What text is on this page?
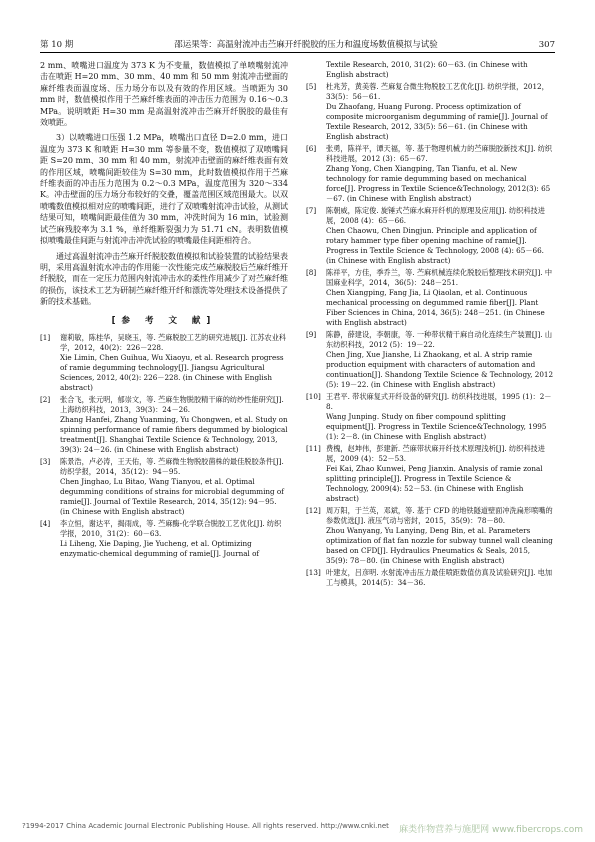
第 10 期	邵运果等：高温射流冲击苎麻开纤脱胶的压力和温度场数值模拟与试验	307

2 mm、喷嘴进口温度为 373 K 为不变量，数值模拟了单喷嘴射流冲击在喷距 H=20 mm、30 mm、40 mm 和 50 mm 射流冲击壁面的麻纤维表面温度场、压力场分布以及有效的作用区域。当喷距为 30 mm 时，数值模拟作用于苎麻纤维表面的冲击压力范围为 0.16～0.3 MPa。说明喷距 H=30 mm 是高温射流冲击苎麻开纤脱胶的最佳有效喷距。

3）以喷嘴进口压强 1.2 MPa，喷嘴出口直径 D=2.0 mm，进口温度为 373 K 和喷距 H=30 mm 等参量不变，数值模拟了双喷嘴间距 S=20 mm、30 mm 和 40 mm，射流冲击壁面的麻纤维表面有效的作用区域，喷嘴间距较佳为 S=30 mm，此时数值模拟作用于苎麻纤维表面的冲击压力范围为 0.2～0.3 MPa，温度范围为 320～334 K。冲击壁面的压力场分布较好的交叠，覆盖范围区域范围最大。以双喷嘴数值模拟相对应的喷嘴间距，进行了双喷嘴射流冲击试验，从测试结果可知，喷嘴间距最佳值为 30 mm，冲洗时间为 16 min，试验测试苎麻残胶率为 3.1 %，单纤维断裂强力为 51.71 cN。表明数值模拟喷嘴最佳间距与射流冲击冲洗试验的喷嘴最佳间距相符合。

通过高温射流冲击苎麻开纤脱胶数值模拟和试验装置的试验结果表明，采用高温射流水冲击的作用能一次性能完成苎麻脱胶后苎麻纤维开纤脱胶，而在一定压力范围内射流冲击水的柔性作用减少了对苎麻纤维的损伤，该技术工艺为研制苎麻纤维开纤和漂洗等处理技术设备提供了新的技术基础。

[参 考 文 献]
[1]	谢莉敏，陈桂华，吴晓玉，等. 苎麻脱胶工艺的研究进展[J]. 江苏农业科学，2012，40(2)：226－228.
Xie Limin, Chen Guihua, Wu Xiaoyu, et al. Research progress of ramie degumming technology[J]. Jiangsu Agricultural Sciences, 2012, 40(2): 226－228. (in Chinese with English abstract)
[2]	张合飞，张元明，郁崇文，等. 苎麻生物脱胶精干麻的纺纱性能研究[J]. 上海纺织科技，2013，39(3)：24－26.
Zhang Hanfei, Zhang Yuanming, Yu Chongwen, et al. Study on spinning performance of ramie fibers degummed by biological treatment[J]. Shanghai Textile Science & Technology, 2013, 39(3): 24－26. (in Chinese with English abstract)
[3]	陈景浩，卢必涛，王天佑，等. 苎麻微生物脱胶菌株的最佳脱胶条件[J]. 纺织学报，2014，35(12)：94－95.
Chen Jinghao, Lu Bitao, Wang Tianyou, et al. Optimal degumming conditions of strains for microbial degumming of ramie[J]. Journal of Textile Research, 2014, 35(12): 94－95. (in Chinese with English abstract)
[4]	李立恒，谢达平，揭雨成，等. 苎麻酶-化学联合脱胶工艺优化[J]. 纺织学报，2010，31(2)：60－63.
Li Liheng, Xie Daping, Jie Yucheng, et al. Optimizing enzymatic-chemical degumming of ramie[J]. Journal of
Textile Research, 2010, 31(2): 60－63. (in Chinese with English abstract)
[5]	杜兆芳，黄美蓉. 苎麻复合微生物脱胶工艺优化[J]. 纺织学报，2012，33(5)：56－61.
Du Zhaofang, Huang Furong. Process optimization of composite microorganism degumming of ramie[J]. Journal of Textile Research, 2012, 33(5): 56－61. (in Chinese with English abstract)
[6]	张勇，陈祥平，谭天福，等. 基于物理机械力的苎麻脱胶新技术[J]. 纺织科技进展，2012 (3)：65－67.
Zhang Yong, Chen Xiangping, Tan Tianfu, et al. New technology for ramie degumming based on mechanical force[J]. Progress in Textile Science&Technology, 2012(3): 65－67. (in Chinese with English abstract)
[7]	陈朝威，陈定俊. 旋锤式苎麻水麻开纤机的原理及应用[J]. 纺织科技进展，2008 (4)：65－66.
Chen Chaowu, Chen Dingjun. Principle and application of rotary hammer type fiber opening machine of ramie[J]. Progress in Textile Science & Technology, 2008 (4): 65－66. (in Chinese with English abstract)
[8]	陈祥平，方佳，季乔兰，等. 苎麻机械连续化脱胶后整理技术研究[J]. 中国麻业科学，2014，36(5)：248－251.
Chen Xiangping, Fang Jia, Li Qiaolan, et al. Continuous mechanical processing on degummed ramie fiber[J]. Plant Fiber Sciences in China, 2014, 36(5): 248－251. (in Chinese with English abstract)
[9]	陈静，薛建设，李朝康，等. 一种带状精干麻自动化连续生产装置[J]. 山东纺织科技，2012 (5)：19－22.
Chen Jing, Xue Jianshe, Li Zhaokang, et al. A strip ramie production equipment with characters of automation and continuation[J]. Shandong Textile Science & Technology, 2012 (5): 19－22. (in Chinese with English abstract)
[10] 王君平. 带状麻复式开纤设备的研究[J]. 纺织科技进展，1995 (1)：2－8.
Wang Junping. Study on fiber compound splitting equipment[J]. Progress in Textile Science&Technology, 1995 (1): 2－8. (in Chinese with English abstract)
[11] 费槐，赵坤伟，彭建新. 苎麻带状麻开纤技术原理浅析[J]. 纺织科技进展，2009 (4)：52－53.
Fei Kai, Zhao Kunwei, Peng Jianxin. Analysis of ramie zonal splitting principle[J]. Progress in Textile Science & Technology, 2009(4): 52－53. (in Chinese with English abstract)
[12] 周万阳，于兰英，邓斌，等. 基于 CFD 的地铁隧道壁面冲洗扁形喷嘴的参数优选[J]. 液压气动与密封，2015，35(9)：78－80.
Zhou Wanyang, Yu Lanying, Deng Bin, et al. Parameters optimization of flat fan nozzle for subway tunnel wall cleaning based on CFD[J]. Hydraulics Pneumatics & Seals, 2015, 35(9): 78－80. (in Chinese with English abstract)
[13] 叶建友，吕彦明. 水射流冲击压力最佳喷距数值仿真及试验研究[J]. 电加工与模具，2014(5)：34－36.
?1994-2017 China Academic Journal Electronic Publishing House. All rights reserved. http://www.cnki.net 麻类作物营养与施肥网 www.fibercrops.com
